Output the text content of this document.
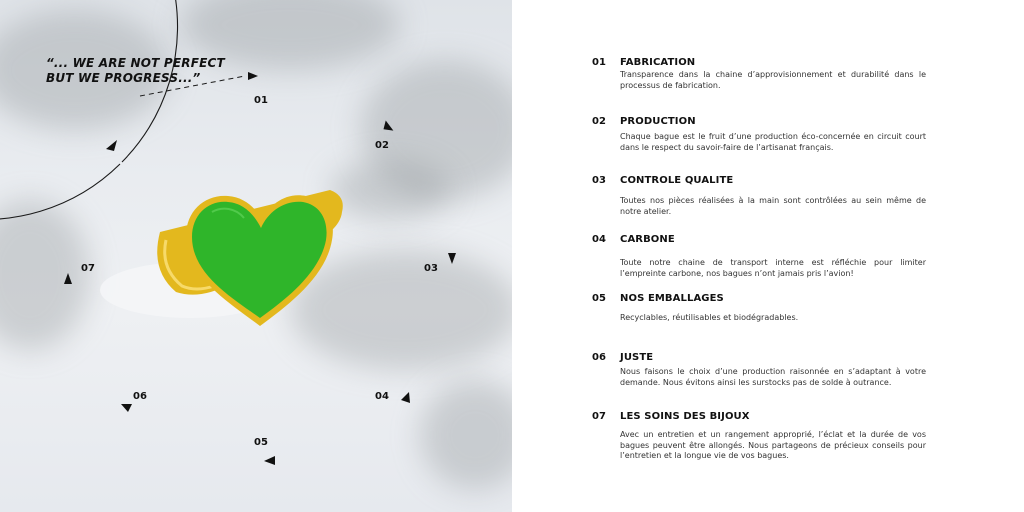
“... WE ARE NOT PERFECT
BUT WE PROGRESS...”
01
02
03
04
05
06
07
01 FABRICATION

Transparence dans la chaine d’approvisionnement et durabilité dans le processus de fabrication.

02 PRODUCTION

Chaque bague est le fruit d’une production éco-concernée en circuit court dans le respect du savoir-faire de l’artisanat français.

03 CONTROLE QUALITE

Toutes nos pièces réalisées à la main sont contrôlées au sein même de notre atelier.

04 CARBONE

Toute notre chaine de transport interne est réfléchie pour limiter l’empreinte carbone, nos bagues n’ont jamais pris l’avion!

05 NOS EMBALLAGES

Recyclables, réutilisables et biodégradables.

06 JUSTE

Nous faisons le choix d’une production raisonnée en s’adaptant à votre demande. Nous évitons ainsi les surstocks pas de solde à outrance.

07 LES SOINS DES BIJOUX

Avec un entretien et un rangement approprié, l’éclat et la durée de vos bagues peuvent être allongés. Nous partageons de précieux conseils pour l’entretien et la longue vie de vos bagues.
